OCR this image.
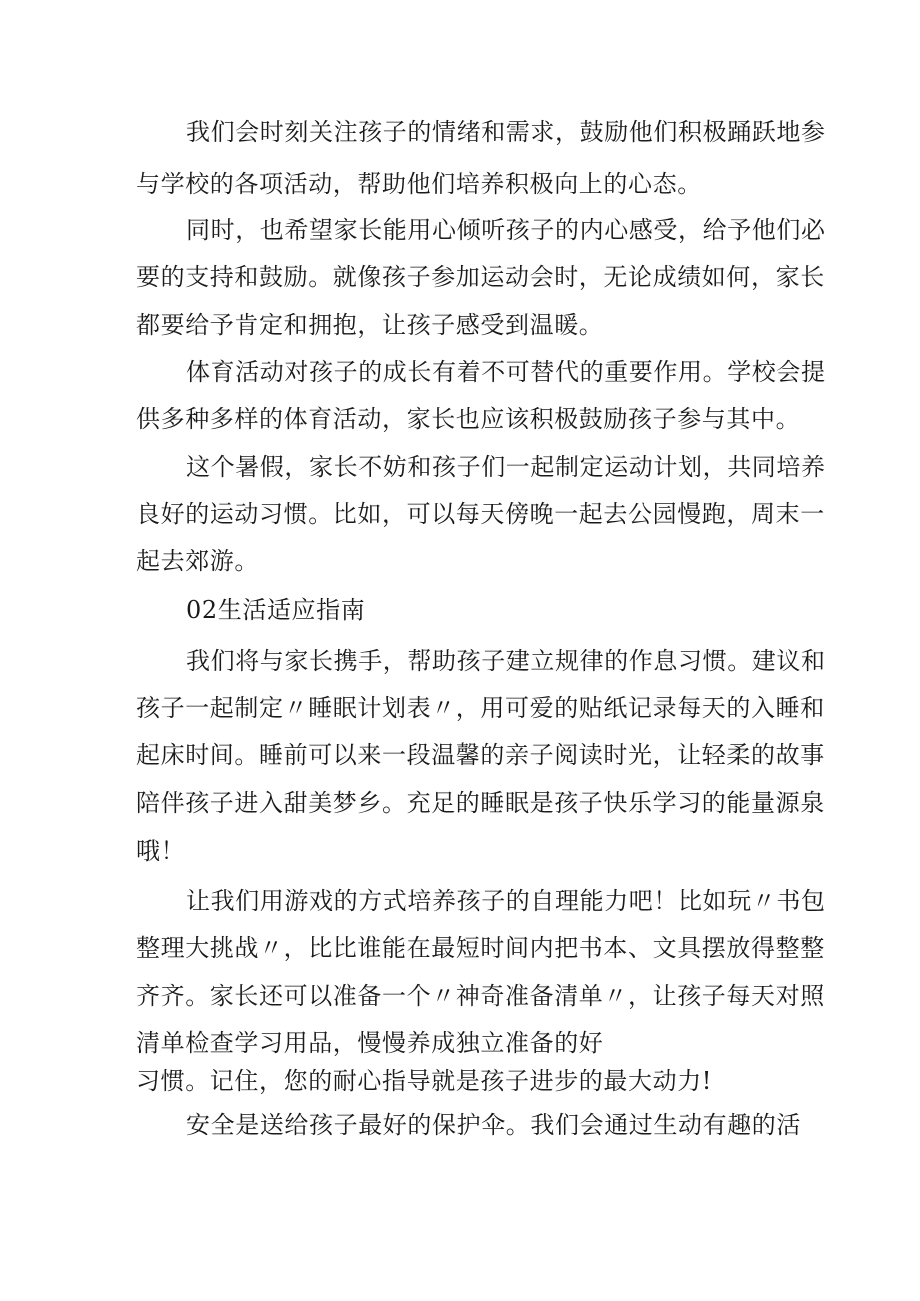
我们会时刻关注孩子的情绪和需求，鼓励他们积极踊跃地参
与学校的各项活动，帮助他们培养积极向上的心态。
同时，也希望家长能用心倾听孩子的内心感受，给予他们必
要的支持和鼓励。就像孩子参加运动会时，无论成绩如何，家长
都要给予肯定和拥抱，让孩子感受到温暖。
体育活动对孩子的成长有着不可替代的重要作用。学校会提
供多种多样的体育活动，家长也应该积极鼓励孩子参与其中。
这个暑假，家长不妨和孩子们一起制定运动计划，共同培养
良好的运动习惯。比如，可以每天傍晚一起去公园慢跑，周末一
起去郊游。
02生活适应指南
我们将与家长携手，帮助孩子建立规律的作息习惯。建议和
孩子一起制定〃睡眠计划表〃，用可爱的贴纸记录每天的入睡和
起床时间。睡前可以来一段温馨的亲子阅读时光，让轻柔的故事
陪伴孩子进入甜美梦乡。充足的睡眠是孩子快乐学习的能量源泉
哦！
让我们用游戏的方式培养孩子的自理能力吧！比如玩〃书包
整理大挑战〃，比比谁能在最短时间内把书本、文具摆放得整整
齐齐。家长还可以准备一个〃神奇准备清单〃，让孩子每天对照
清单检查学习用品，慢慢养成独立准备的好
习惯。记住，您的耐心指导就是孩子进步的最大动力!
安全是送给孩子最好的保护伞。我们会通过生动有趣的活
